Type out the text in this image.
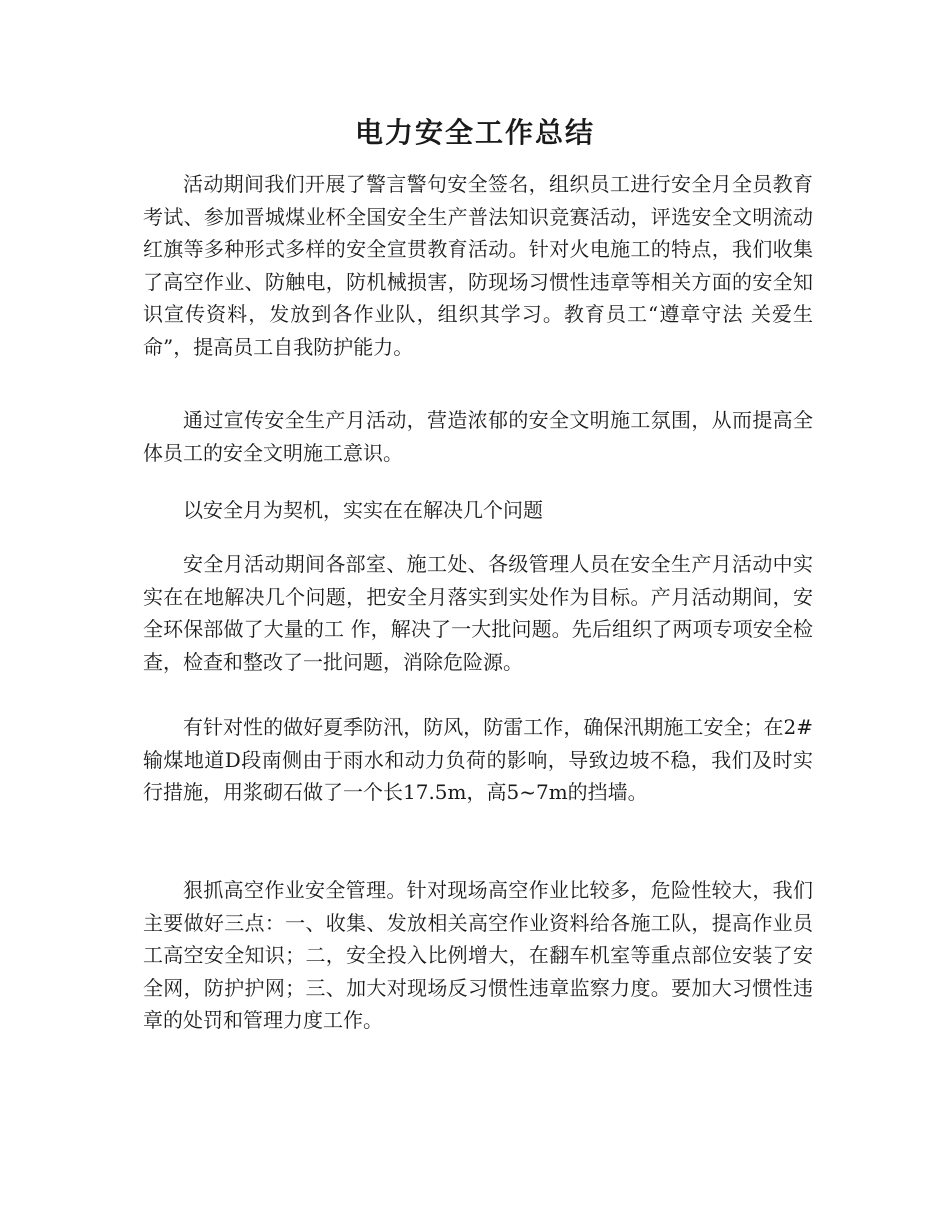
电力安全工作总结

活动期间我们开展了警言警句安全签名，组织员工进行安全月全员教育考试、参加晋城煤业杯全国安全生产普法知识竞赛活动，评选安全文明流动红旗等多种形式多样的安全宣贯教育活动。针对火电施工的特点，我们收集了高空作业、防触电，防机械损害，防现场习惯性违章等相关方面的安全知识宣传资料，发放到各作业队，组织其学习。教育员工“遵章守法 关爱生命”，提高员工自我防护能力。

通过宣传安全生产月活动，营造浓郁的安全文明施工氛围，从而提高全体员工的安全文明施工意识。

以安全月为契机，实实在在解决几个问题

安全月活动期间各部室、施工处、各级管理人员在安全生产月活动中实实在在地解决几个问题，把安全月落实到实处作为目标。产月活动期间，安全环保部做了大量的工 作，解决了一大批问题。先后组织了两项专项安全检查，检查和整改了一批问题，消除危险源。

有针对性的做好夏季防汛，防风，防雷工作，确保汛期施工安全；在2#输煤地道D段南侧由于雨水和动力负荷的影响，导致边坡不稳，我们及时实行措施，用浆砌石做了一个长17.5m，高5~7m的挡墙。

狠抓高空作业安全管理。针对现场高空作业比较多，危险性较大，我们主要做好三点：一、收集、发放相关高空作业资料给各施工队，提高作业员工高空安全知识；二，安全投入比例增大，在翻车机室等重点部位安装了安全网，防护护网；三、加大对现场反习惯性违章监察力度。要加大习惯性违章的处罚和管理力度工作。
